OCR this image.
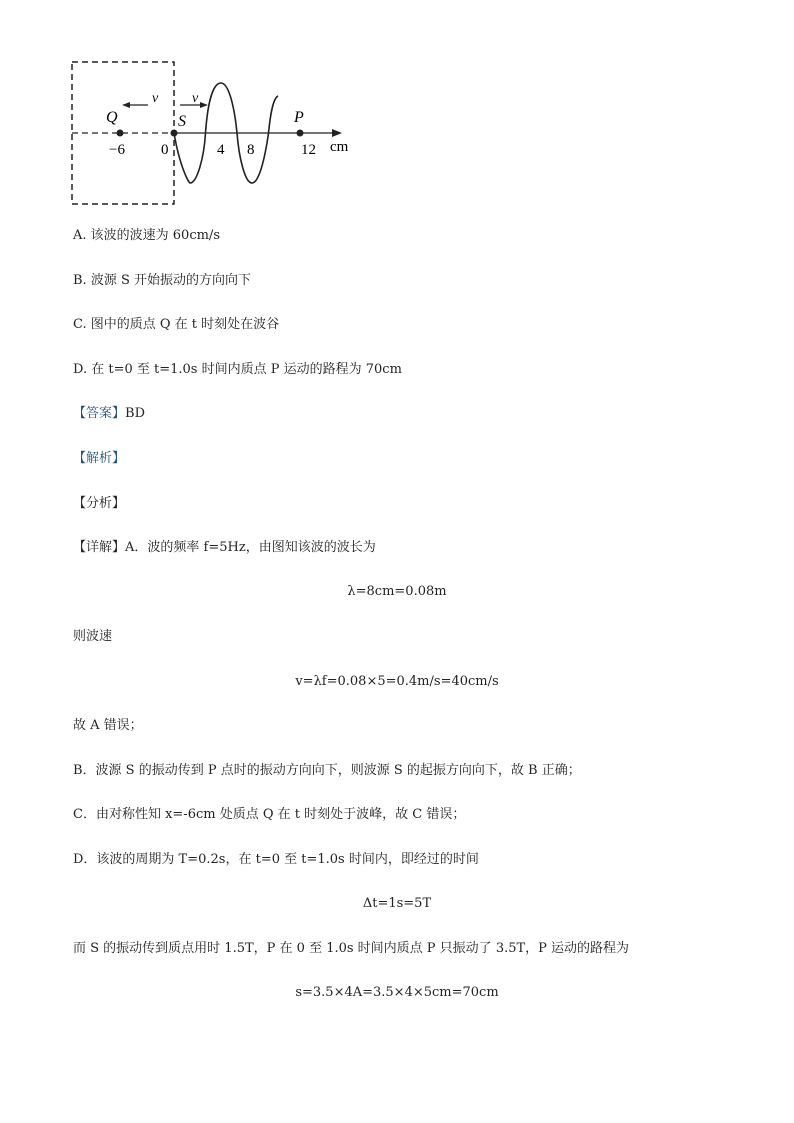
v v
Q	S	P
−6 0	4 8	12 cm
A. 该波的波速为 60cm/s
B. 波源 S 开始振动的方向向下
C. 图中的质点 Q 在 t 时刻处在波谷
D. 在 t=0 至 t=1.0s 时间内质点 P 运动的路程为 70cm
【答案】BD
【解析】
【分析】
【详解】A．波的频率 f=5Hz，由图知该波的波长为
λ=8cm=0.08m
则波速
v=λf=0.08×5=0.4m/s=40cm/s
故 A 错误；
B．波源 S 的振动传到 P 点时的振动方向向下，则波源 S 的起振方向向下，故 B 正确；
C．由对称性知 x=-6cm 处质点 Q 在 t 时刻处于波峰，故 C 错误；
D．该波的周期为 T=0.2s，在 t=0 至 t=1.0s 时间内，即经过的时间
Δt=1s=5T
而 S 的振动传到质点用时 1.5T，P 在 0 至 1.0s 时间内质点 P 只振动了 3.5T，P 运动的路程为
s=3.5×4A=3.5×4×5cm=70cm
